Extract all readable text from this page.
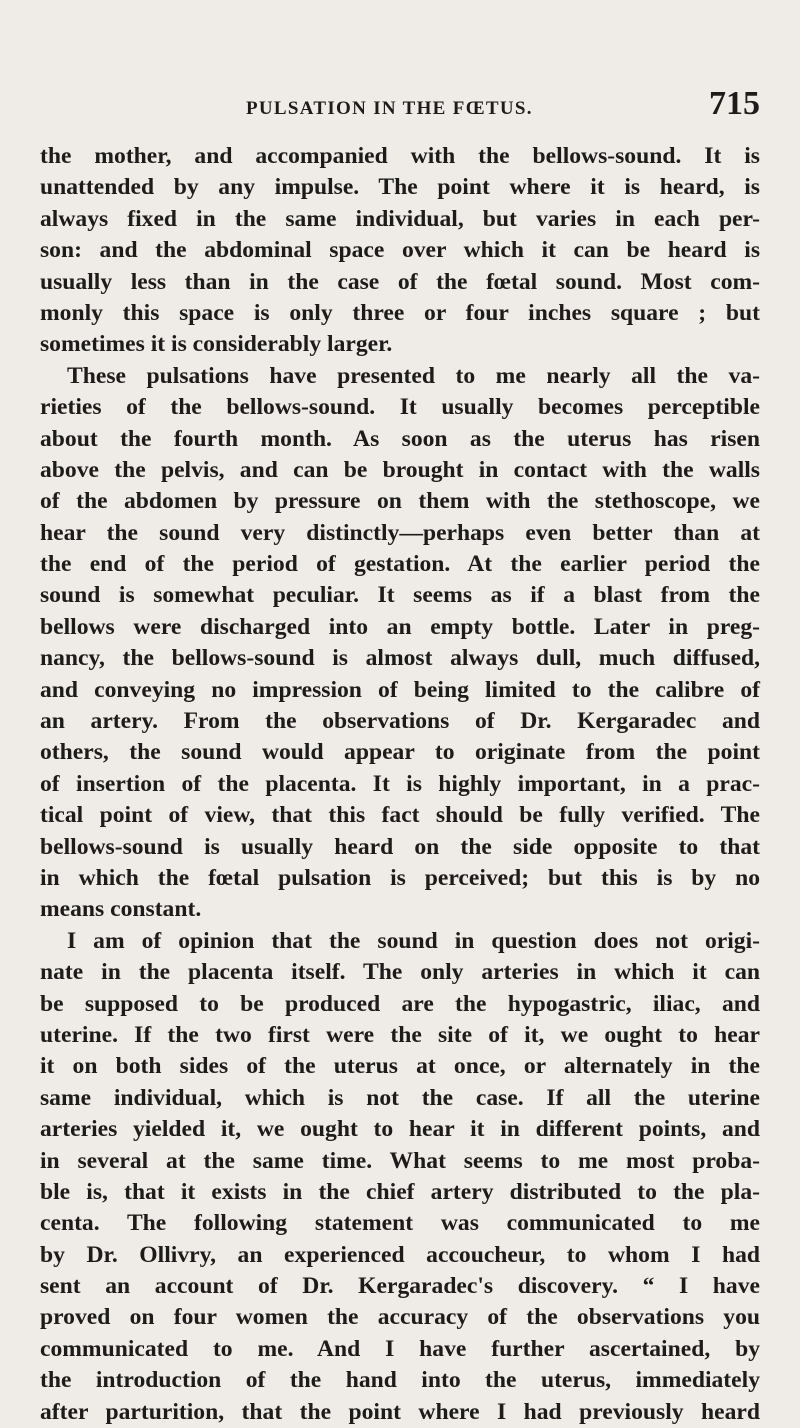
PULSATION IN THE FŒTUS.	715
the mother, and accompanied with the bellows-sound. It is
unattended by any impulse. The point where it is heard, is
always fixed in the same individual, but varies in each per-
son: and the abdominal space over which it can be heard is
usually less than in the case of the fœtal sound. Most com-
monly this space is only three or four inches square ; but
sometimes it is considerably larger.
These pulsations have presented to me nearly all the va-
rieties of the bellows-sound. It usually becomes perceptible
about the fourth month. As soon as the uterus has risen
above the pelvis, and can be brought in contact with the walls
of the abdomen by pressure on them with the stethoscope, we
hear the sound very distinctly—perhaps even better than at
the end of the period of gestation. At the earlier period the
sound is somewhat peculiar. It seems as if a blast from the
bellows were discharged into an empty bottle. Later in preg-
nancy, the bellows-sound is almost always dull, much diffused,
and conveying no impression of being limited to the calibre of
an artery. From the observations of Dr. Kergaradec and
others, the sound would appear to originate from the point
of insertion of the placenta. It is highly important, in a prac-
tical point of view, that this fact should be fully verified. The
bellows-sound is usually heard on the side opposite to that
in which the fœtal pulsation is perceived; but this is by no
means constant.
I am of opinion that the sound in question does not origi-
nate in the placenta itself. The only arteries in which it can
be supposed to be produced are the hypogastric, iliac, and
uterine. If the two first were the site of it, we ought to hear
it on both sides of the uterus at once, or alternately in the
same individual, which is not the case. If all the uterine
arteries yielded it, we ought to hear it in different points, and
in several at the same time. What seems to me most proba-
ble is, that it exists in the chief artery distributed to the pla-
centa. The following statement was communicated to me
by Dr. Ollivry, an experienced accoucheur, to whom I had
sent an account of Dr. Kergaradec's discovery. “ I have
proved on four women the accuracy of the observations you
communicated to me. And I have further ascertained, by
the introduction of the hand into the uterus, immediately
after parturition, that the point where I had previously heard
